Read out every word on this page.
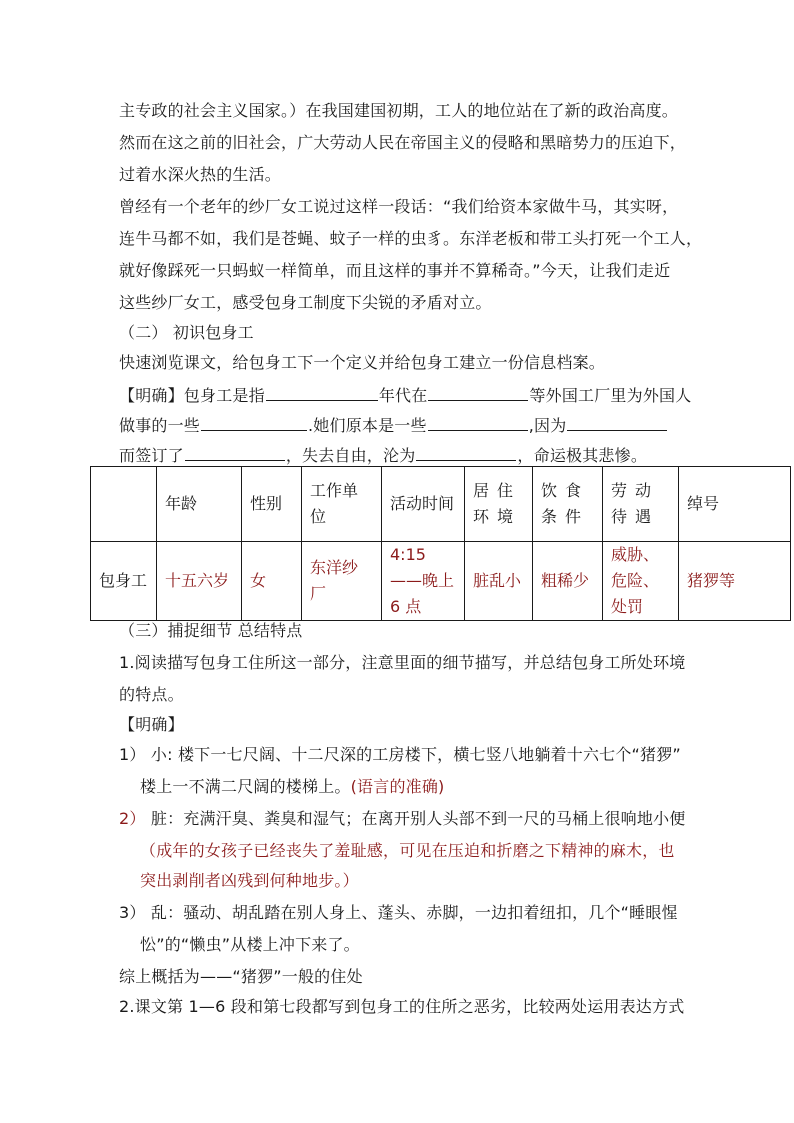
主专政的社会主义国家。）在我国建国初期，工人的地位站在了新的政治高度。
然而在这之前的旧社会，广大劳动人民在帝国主义的侵略和黑暗势力的压迫下，
过着水深火热的生活。
曾经有一个老年的纱厂女工说过这样一段话：“我们给资本家做牛马，其实呀，
连牛马都不如，我们是苍蝇、蚊子一样的虫豸。东洋老板和带工头打死一个工人，
就好像踩死一只蚂蚁一样简单，而且这样的事并不算稀奇。”今天，让我们走近
这些纱厂女工，感受包身工制度下尖锐的矛盾对立。
（二） 初识包身工
快速浏览课文，给包身工下一个定义并给包身工建立一份信息档案。
【明确】包身工是指	年代在	等外国工厂里为外国人
做事的一些	.她们原本是一些	,因为
而签订了	，失去自由，沦为	，命运极其悲惨。
	年龄	性别	工作单位	活动时间	居住环境	饮食条件	劳动待遇	绰号
包身工	十五六岁	女	东洋纱厂	4:15——晚上 6 点	脏乱小	粗稀少	威胁、危险、处罚	猪猡等
（三）捕捉细节 总结特点
1.阅读描写包身工住所这一部分，注意里面的细节描写，并总结包身工所处环境
的特点。
【明确】
1） 小: 楼下一七尺阔、十二尺深的工房楼下，横七竖八地躺着十六七个“猪猡”
楼上一不满二尺阔的楼梯上。(语言的准确)
2） 脏：充满汗臭、粪臭和湿气；在离开别人头部不到一尺的马桶上很响地小便
（成年的女孩子已经丧失了羞耻感，可见在压迫和折磨之下精神的麻木，也
突出剥削者凶残到何种地步。）
3） 乱：骚动、胡乱踏在别人身上、蓬头、赤脚，一边扣着纽扣，几个“睡眼惺
忪”的“懒虫”从楼上冲下来了。
综上概括为——“猪猡”一般的住处
2.课文第 1—6 段和第七段都写到包身工的住所之恶劣，比较两处运用表达方式
